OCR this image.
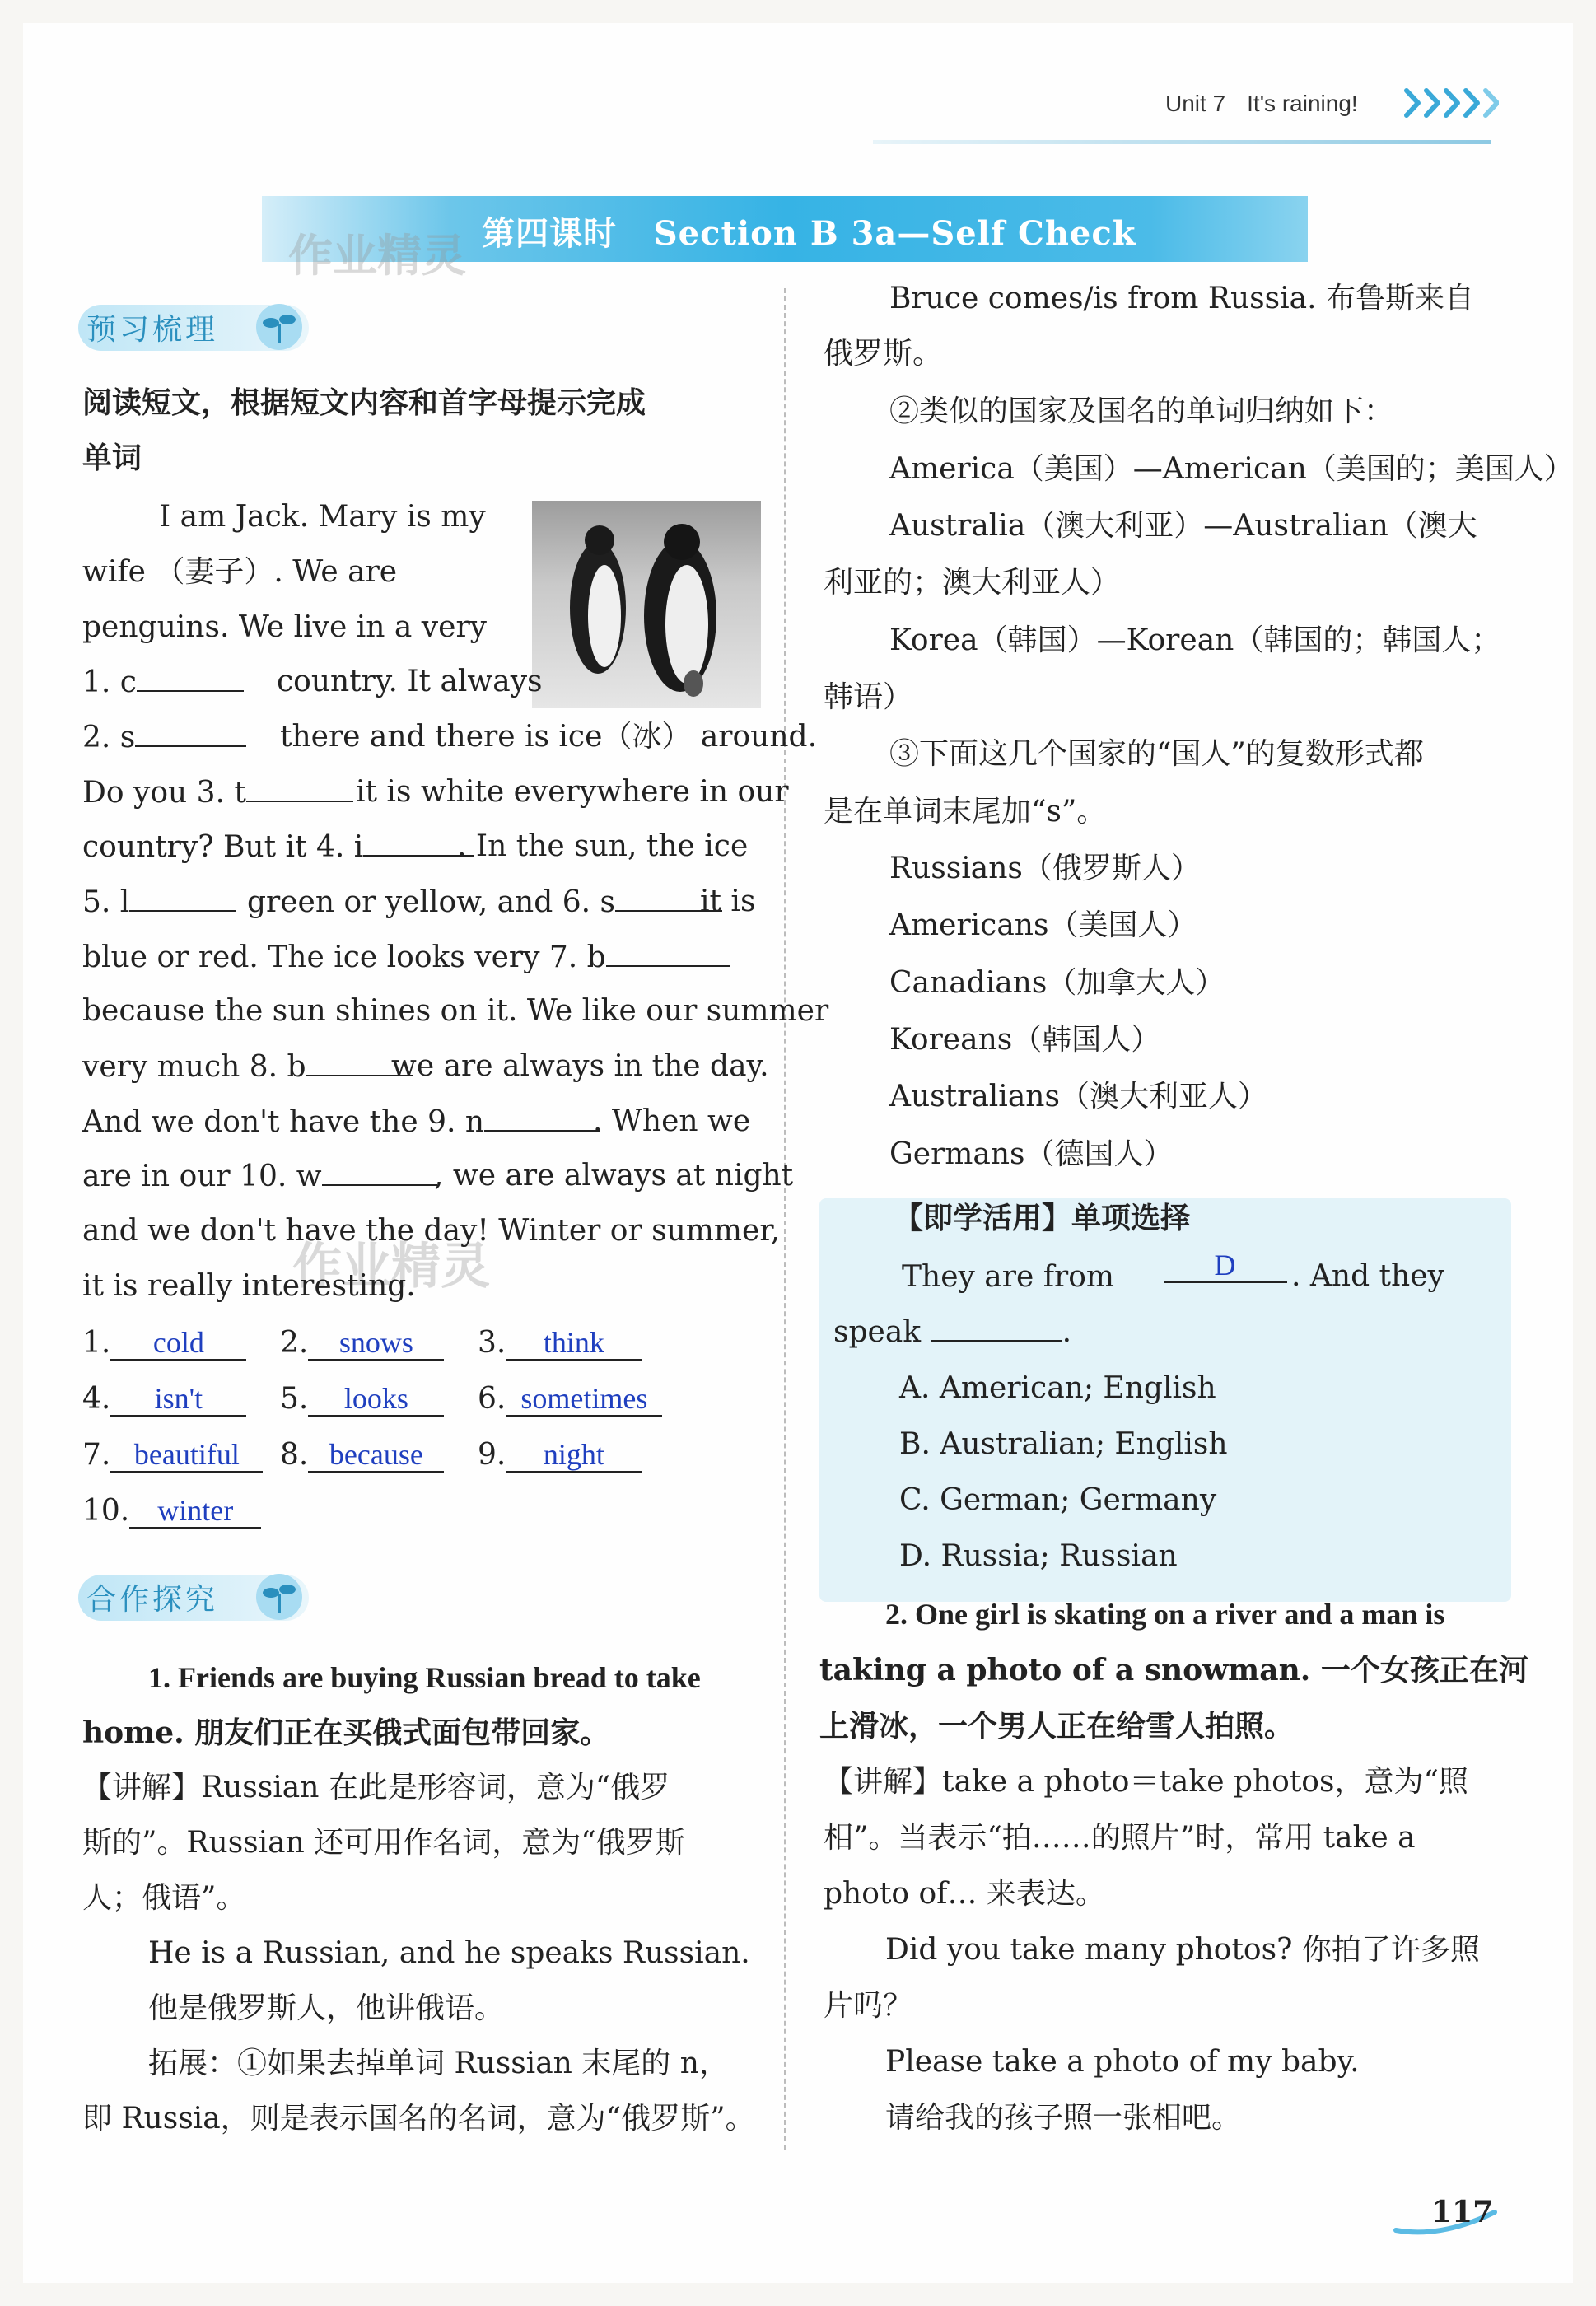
Unit 7 It's raining!
第四课时 Section B 3a—Self Check
作业精灵
作业精灵
预习梳理
阅读短文，根据短文内容和首字母提示完成
单词
I am Jack. Mary is my
wife （妻子）. We are
penguins. We live in a very
1. c	country. It always
2. s	there and there is ice（冰） around.
Do you 3. t	it is white everywhere in our
country? But it 4. i	. In the sun, the ice
5. l	green or yellow, and 6. s	it is
blue or red. The ice looks very 7. b
because the sun shines on it. We like our summer
very much 8. b	we are always in the day.
And we don't have the 9. n	. When we
are in our 10. w	, we are always at night
and we don't have the day! Winter or summer,
it is really interesting.
1. cold	2. snows	3. think
4. isn't	5. looks	6. sometimes
7. beautiful	8. because	9. night
10. winter
合作探究
1. Friends are buying Russian bread to take
home. 朋友们正在买俄式面包带回家。
【讲解】Russian 在此是形容词，意为“俄罗
斯的”。Russian 还可用作名词，意为“俄罗斯
人；俄语”。
He is a Russian, and he speaks Russian.
他是俄罗斯人，他讲俄语。
拓展：①如果去掉单词 Russian 末尾的 n，
即 Russia，则是表示国名的名词，意为“俄罗斯”。
Bruce comes/is from Russia. 布鲁斯来自
俄罗斯。
②类似的国家及国名的单词归纳如下：
America（美国）—American（美国的；美国人）
Australia（澳大利亚）—Australian（澳大
利亚的；澳大利亚人）
Korea（韩国）—Korean（韩国的；韩国人；
韩语）
③下面这几个国家的“国人”的复数形式都
是在单词末尾加“s”。
Russians（俄罗斯人）
Americans（美国人）
Canadians（加拿大人）
Koreans（韩国人）
Australians（澳大利亚人）
Germans（德国人）
【即学活用】单项选择
They are from	D	. And they
speak	.
A. American; English
B. Australian; English
C. German; Germany
D. Russia; Russian
2. One girl is skating on a river and a man is
taking a photo of a snowman. 一个女孩正在河
上滑冰，一个男人正在给雪人拍照。
【讲解】take a photo＝take photos，意为“照
相”。当表示“拍……的照片”时，常用 take a
photo of… 来表达。
Did you take many photos? 你拍了许多照
片吗？
Please take a photo of my baby.
请给我的孩子照一张相吧。
117
